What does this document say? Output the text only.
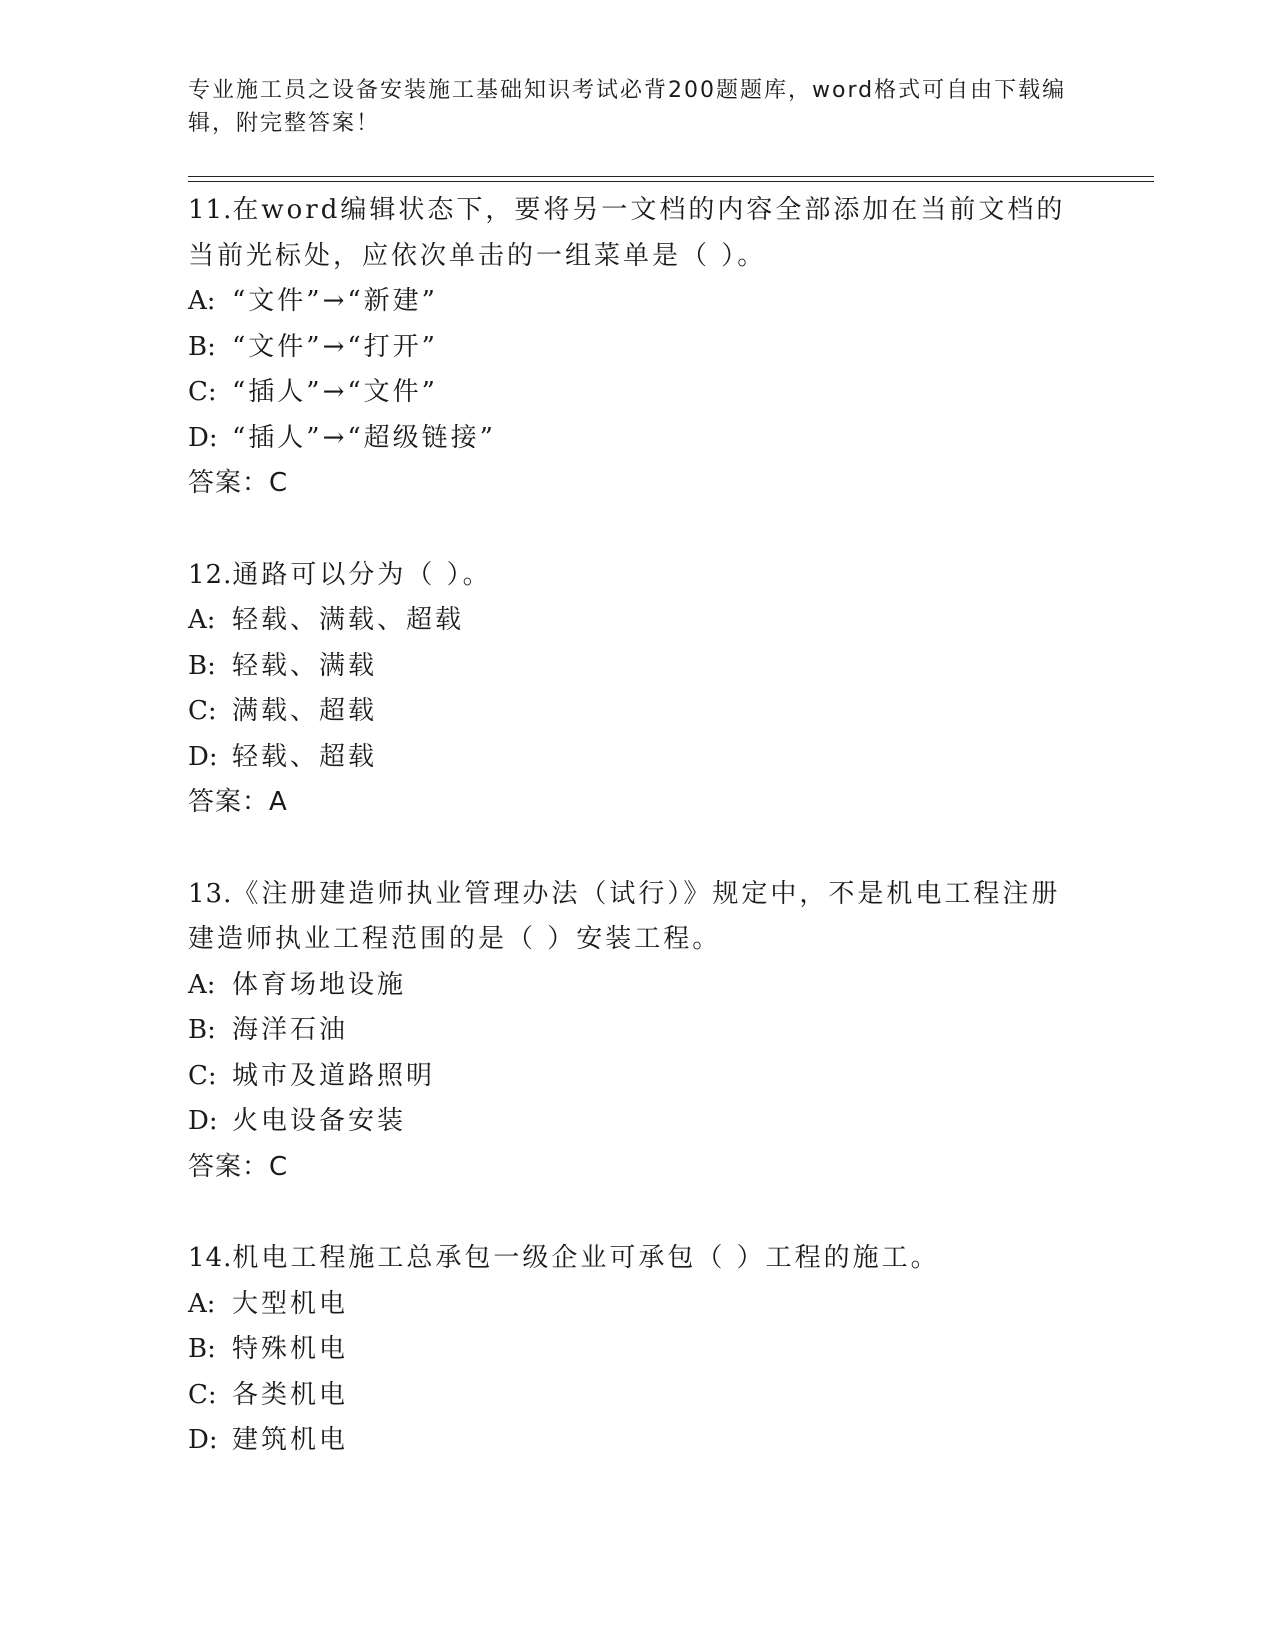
专业施工员之设备安装施工基础知识考试必背200题题库，word格式可自由下载编辑，附完整答案！

11.在word编辑状态下，要将另一文档的内容全部添加在当前文档的当前光标处，应依次单击的一组菜单是（ ）。

A: “文件”→“新建”
B: “文件”→“打开”
C: “插人”→“文件”
D: “插人”→“超级链接”
答案：C

12.通路可以分为（ ）。

A: 轻载、满载、超载
B: 轻载、满载
C: 满载、超载
D: 轻载、超载
答案：A

13.《注册建造师执业管理办法（试行）》规定中，不是机电工程注册建造师执业工程范围的是（ ）安装工程。

A: 体育场地设施
B: 海洋石油
C: 城市及道路照明
D: 火电设备安装
答案：C

14.机电工程施工总承包一级企业可承包（ ）工程的施工。

A: 大型机电
B: 特殊机电
C: 各类机电
D: 建筑机电
